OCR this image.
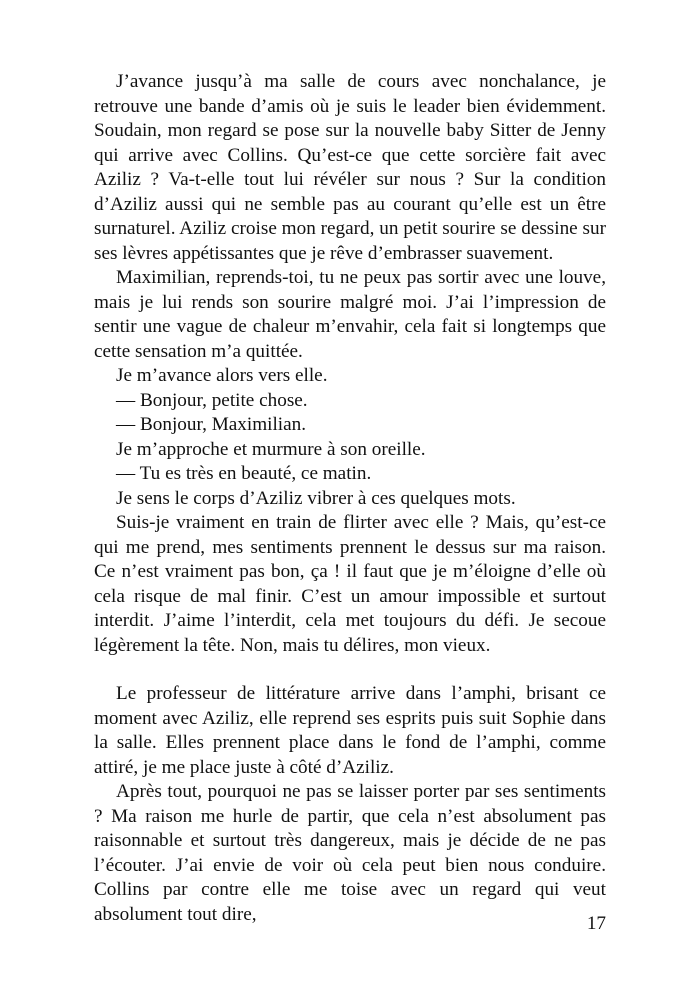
J’avance jusqu’à ma salle de cours avec nonchalance, je retrouve une bande d’amis où je suis le leader bien évidemment. Soudain, mon regard se pose sur la nouvelle baby Sitter de Jenny qui arrive avec Collins. Qu’est-ce que cette sorcière fait avec Aziliz ? Va-t-elle tout lui révéler sur nous ? Sur la condition d’Aziliz aussi qui ne semble pas au courant qu’elle est un être surnaturel. Aziliz croise mon regard, un petit sourire se dessine sur ses lèvres appétissantes que je rêve d’embrasser suavement.

Maximilian, reprends-toi, tu ne peux pas sortir avec une louve, mais je lui rends son sourire malgré moi. J’ai l’impression de sentir une vague de chaleur m’envahir, cela fait si longtemps que cette sensation m’a quittée.

Je m’avance alors vers elle.

— Bonjour, petite chose.

— Bonjour, Maximilian.

Je m’approche et murmure à son oreille.

— Tu es très en beauté, ce matin.

Je sens le corps d’Aziliz vibrer à ces quelques mots.

Suis-je vraiment en train de flirter avec elle ? Mais, qu’est-ce qui me prend, mes sentiments prennent le dessus sur ma raison. Ce n’est vraiment pas bon, ça ! il faut que je m’éloigne d’elle où cela risque de mal finir. C’est un amour impossible et surtout interdit. J’aime l’interdit, cela met toujours du défi. Je secoue légèrement la tête. Non, mais tu délires, mon vieux.

Le professeur de littérature arrive dans l’amphi, brisant ce moment avec Aziliz, elle reprend ses esprits puis suit Sophie dans la salle. Elles prennent place dans le fond de l’amphi, comme attiré, je me place juste à côté d’Aziliz.

Après tout, pourquoi ne pas se laisser porter par ses sentiments ? Ma raison me hurle de partir, que cela n’est absolument pas raisonnable et surtout très dangereux, mais je décide de ne pas l’écouter. J’ai envie de voir où cela peut bien nous conduire. Collins par contre elle me toise avec un regard qui veut absolument tout dire,	17
